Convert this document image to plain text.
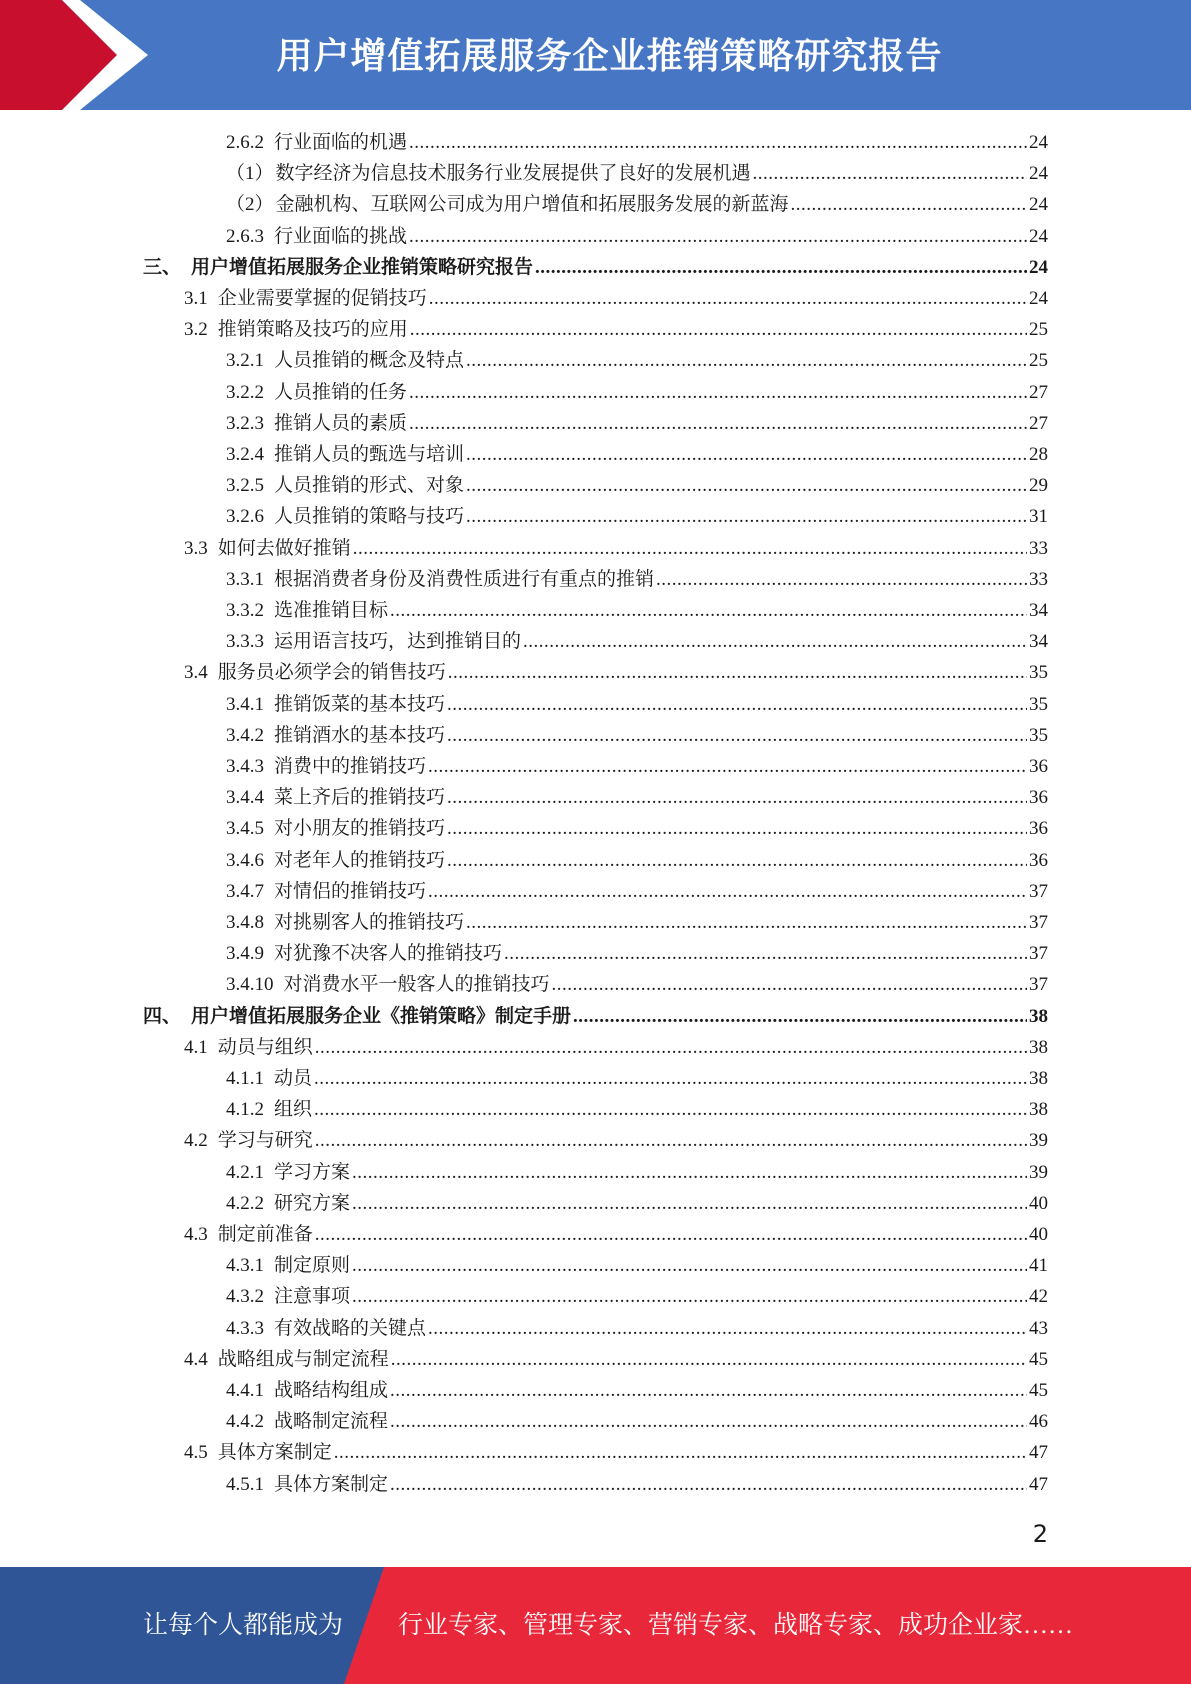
用户增值拓展服务企业推销策略研究报告
2.6.2 行业面临的机遇 .....	24
（1） 数字经济为信息技术服务行业发展提供了良好的发展机遇 .....	24
（2） 金融机构、互联网公司成为用户增值和拓展服务发展的新蓝海 .....	24
2.6.3 行业面临的挑战 .....	24
三、 用户增值拓展服务企业推销策略研究报告 .....	24
3.1 企业需要掌握的促销技巧 .....	24
3.2 推销策略及技巧的应用 .....	25
3.2.1 人员推销的概念及特点 .....	25
3.2.2 人员推销的任务 .....	27
3.2.3 推销人员的素质 .....	27
3.2.4 推销人员的甄选与培训 .....	28
3.2.5 人员推销的形式、对象 .....	29
3.2.6 人员推销的策略与技巧 .....	31
3.3 如何去做好推销 .....	33
3.3.1 根据消费者身份及消费性质进行有重点的推销 .....	33
3.3.2 选准推销目标 .....	34
3.3.3 运用语言技巧，达到推销目的 .....	34
3.4 服务员必须学会的销售技巧 .....	35
3.4.1 推销饭菜的基本技巧 .....	35
3.4.2 推销酒水的基本技巧 .....	35
3.4.3 消费中的推销技巧 .....	36
3.4.4 菜上齐后的推销技巧 .....	36
3.4.5 对小朋友的推销技巧 .....	36
3.4.6 对老年人的推销技巧 .....	36
3.4.7 对情侣的推销技巧 .....	37
3.4.8 对挑剔客人的推销技巧 .....	37
3.4.9 对犹豫不决客人的推销技巧 .....	37
3.4.10 对消费水平一般客人的推销技巧 .....	37
四、 用户增值拓展服务企业《推销策略》制定手册 .....	38
4.1 动员与组织 .....	38
4.1.1 动员 .....	38
4.1.2 组织 .....	38
4.2 学习与研究 .....	39
4.2.1 学习方案 .....	39
4.2.2 研究方案 .....	40
4.3 制定前准备 .....	40
4.3.1 制定原则 .....	41
4.3.2 注意事项 .....	42
4.3.3 有效战略的关键点 .....	43
4.4 战略组成与制定流程 .....	45
4.4.1 战略结构组成 .....	45
4.4.2 战略制定流程 .....	46
4.5 具体方案制定 .....	47
4.5.1 具体方案制定 .....	47
2
让每个人都能成为 行业专家、管理专家、营销专家、战略专家、成功企业家……
